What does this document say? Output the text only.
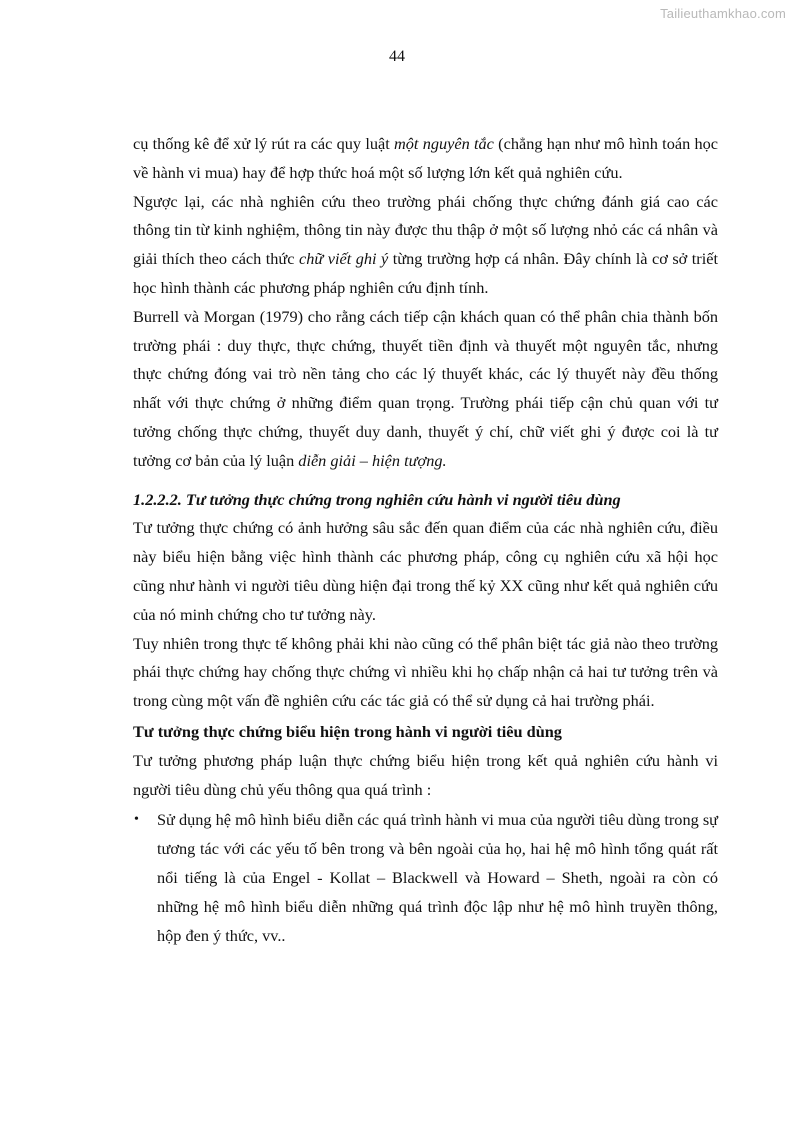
Tailieuthamkhao.com
44

cụ thống kê để xử lý rút ra các quy luật một nguyên tắc (chẳng hạn như mô hình toán học về hành vi mua) hay để hợp thức hoá một số lượng lớn kết quả nghiên cứu.

Ngược lại, các nhà nghiên cứu theo trường phái chống thực chứng đánh giá cao các thông tin từ kinh nghiệm, thông tin này được thu thập ở một số lượng nhỏ các cá nhân và giải thích theo cách thức chữ viết ghi ý từng trường hợp cá nhân. Đây chính là cơ sở triết học hình thành các phương pháp nghiên cứu định tính.

Burrell và Morgan (1979) cho rằng cách tiếp cận khách quan có thể phân chia thành bốn trường phái : duy thực, thực chứng, thuyết tiền định và thuyết một nguyên tắc, nhưng thực chứng đóng vai trò nền tảng cho các lý thuyết khác, các lý thuyết này đều thống nhất với thực chứng ở những điểm quan trọng. Trường phái tiếp cận chủ quan với tư tưởng chống thực chứng, thuyết duy danh, thuyết ý chí, chữ viết ghi ý được coi là tư tưởng cơ bản của lý luận diễn giải – hiện tượng.

1.2.2.2. Tư tưởng thực chứng trong nghiên cứu hành vi người tiêu dùng

Tư tưởng thực chứng có ảnh hưởng sâu sắc đến quan điểm của các nhà nghiên cứu, điều này biểu hiện bằng việc hình thành các phương pháp, công cụ nghiên cứu xã hội học cũng như hành vi người tiêu dùng hiện đại trong thế kỷ XX cũng như kết quả nghiên cứu của nó minh chứng cho tư tưởng này.

Tuy nhiên trong thực tế không phải khi nào cũng có thể phân biệt tác giả nào theo trường phái thực chứng hay chống thực chứng vì nhiều khi họ chấp nhận cả hai tư tưởng trên và trong cùng một vấn đề nghiên cứu các tác giả có thể sử dụng cả hai trường phái.

Tư tưởng thực chứng biểu hiện trong hành vi người tiêu dùng

Tư tưởng phương pháp luận thực chứng biểu hiện trong kết quả nghiên cứu hành vi người tiêu dùng chủ yếu thông qua quá trình :

• Sử dụng hệ mô hình biểu diễn các quá trình hành vi mua của người tiêu dùng trong sự tương tác với các yếu tố bên trong và bên ngoài của họ, hai hệ mô hình tổng quát rất nổi tiếng là của Engel - Kollat – Blackwell và Howard – Sheth, ngoài ra còn có những hệ mô hình biểu diễn những quá trình độc lập như hệ mô hình truyền thông, hộp đen ý thức, vv..
